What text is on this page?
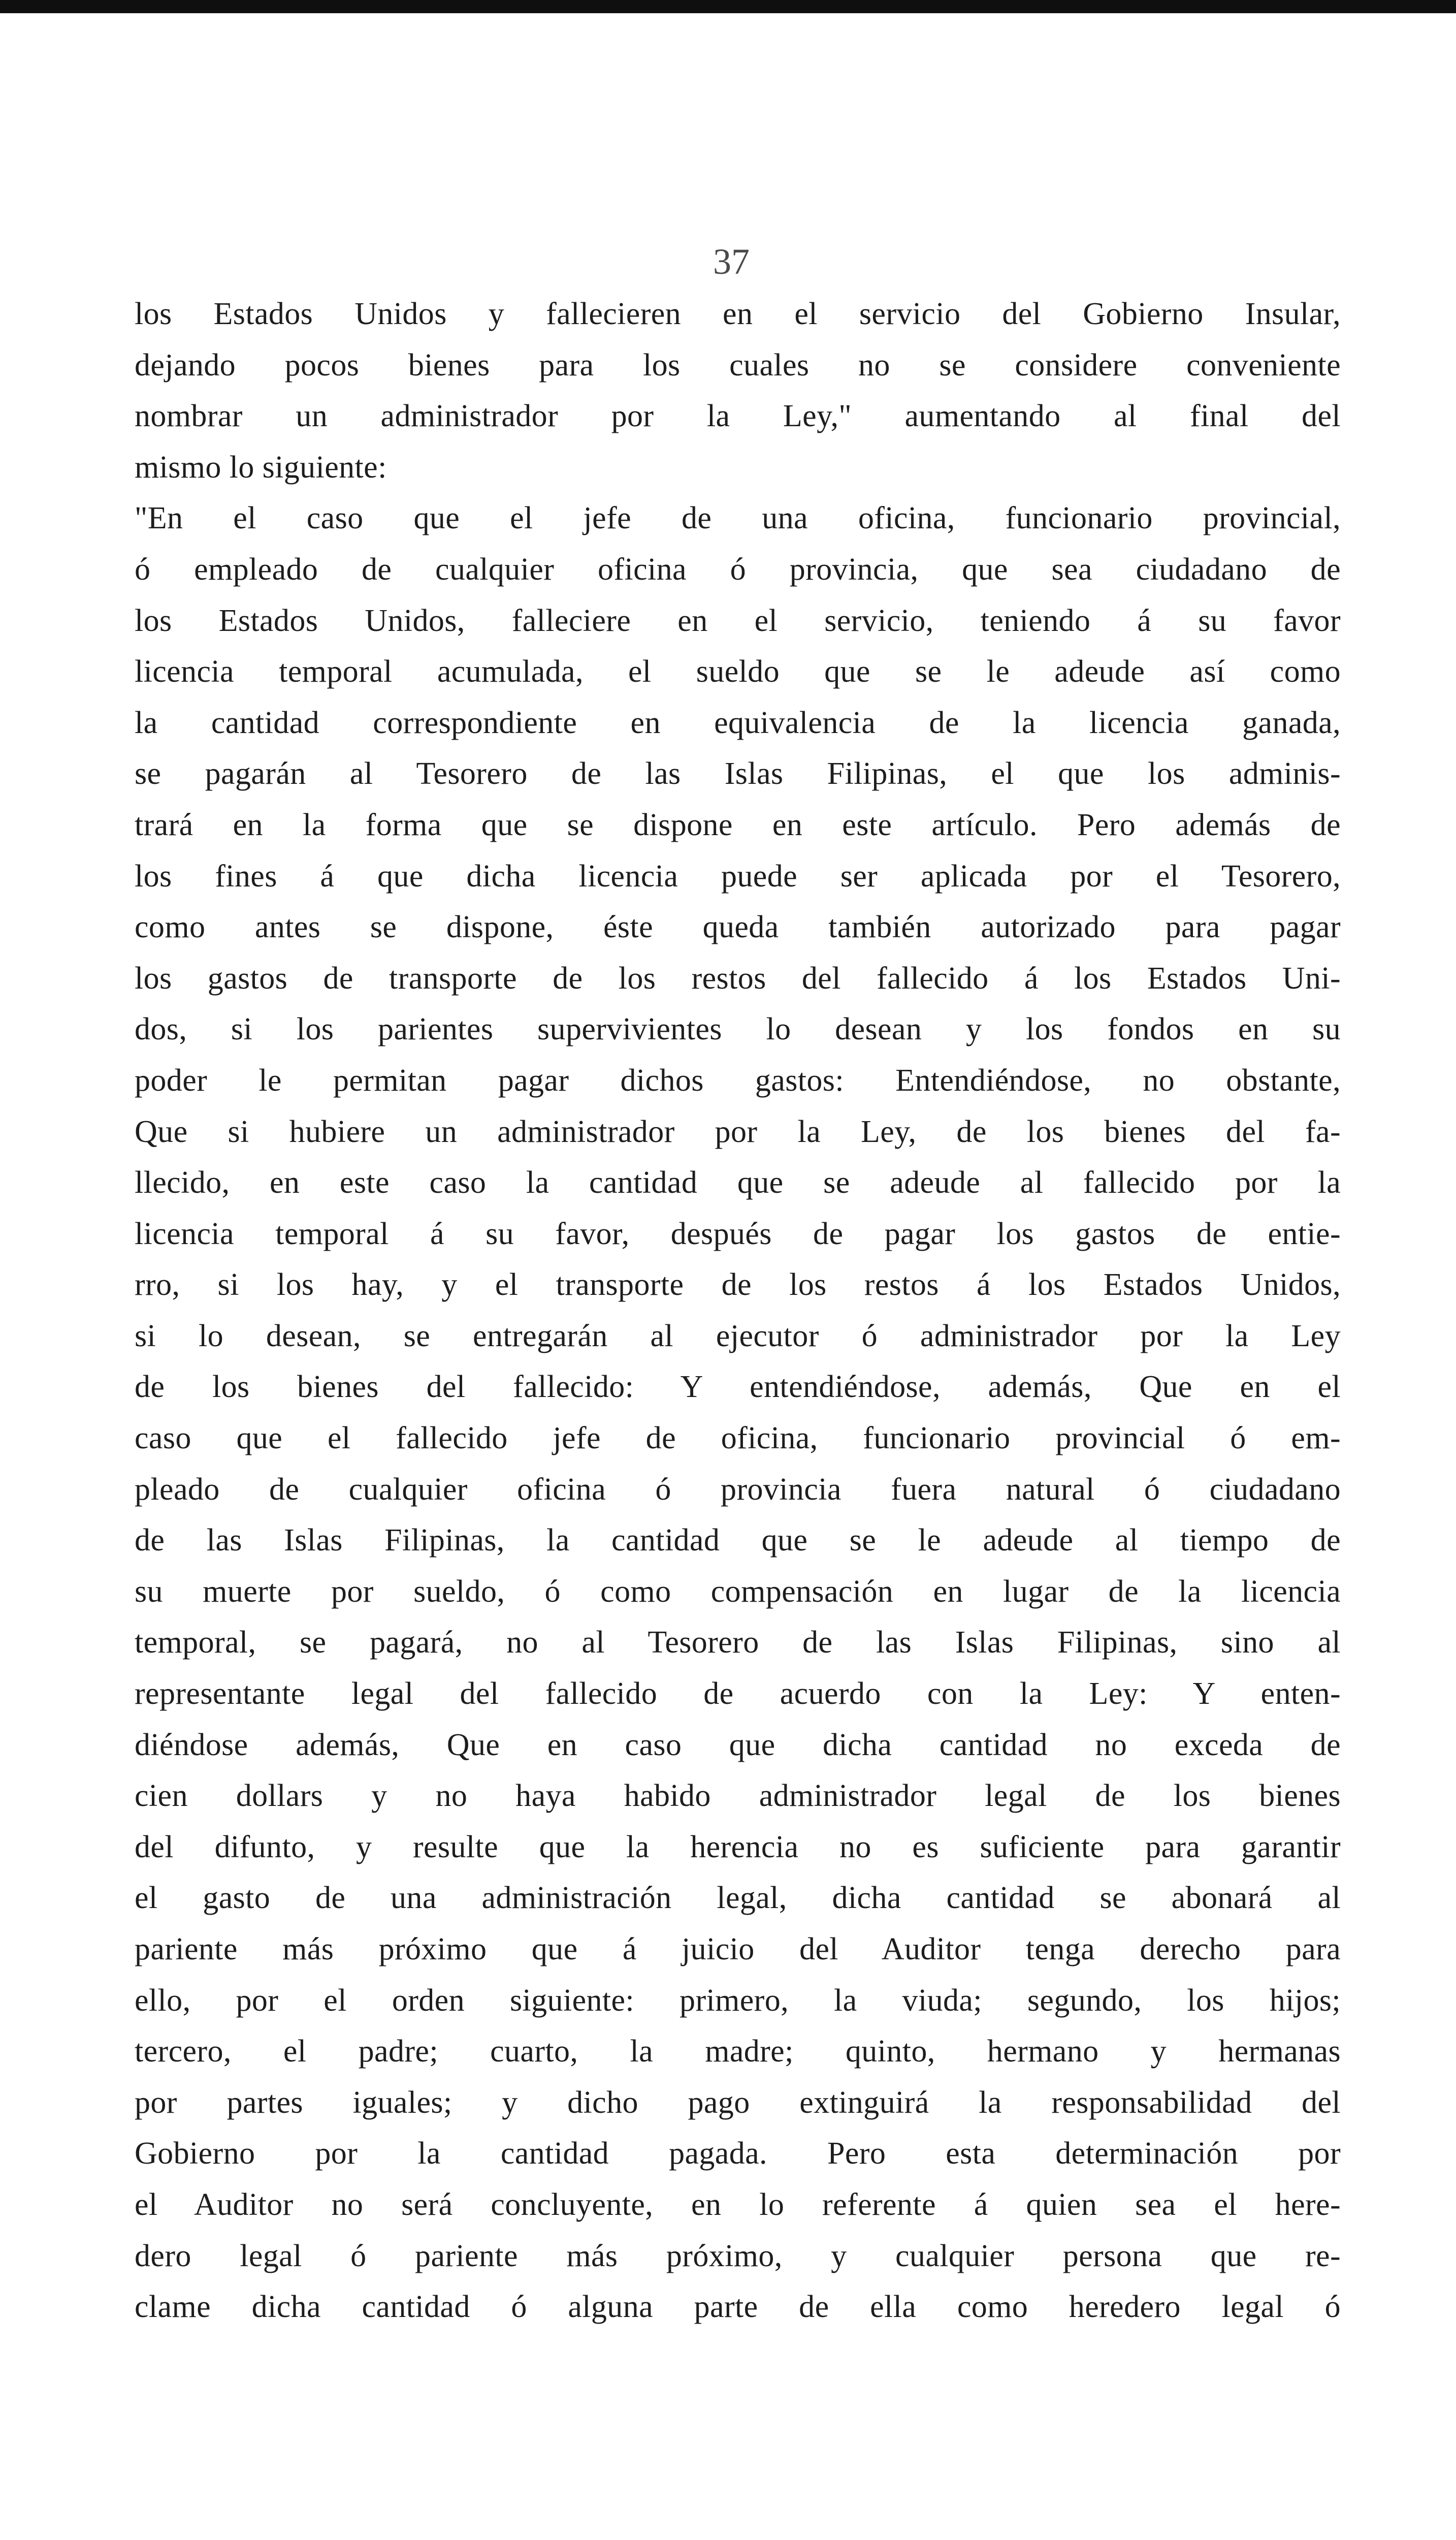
37
los Estados Unidos y fallecieren en el servicio del Gobierno Insular,
dejando pocos bienes para los cuales no se considere conveniente
nombrar un administrador por la Ley," aumentando al final del
mismo lo siguiente:
"En el caso que el jefe de una oficina, funcionario provincial,
ó empleado de cualquier oficina ó provincia, que sea ciudadano de
los Estados Unidos, falleciere en el servicio, teniendo á su favor
licencia temporal acumulada, el sueldo que se le adeude así como
la cantidad correspondiente en equivalencia de la licencia ganada,
se pagarán al Tesorero de las Islas Filipinas, el que los adminis-
trará en la forma que se dispone en este artículo. Pero además de
los fines á que dicha licencia puede ser aplicada por el Tesorero,
como antes se dispone, éste queda también autorizado para pagar
los gastos de transporte de los restos del fallecido á los Estados Uni-
dos, si los parientes supervivientes lo desean y los fondos en su
poder le permitan pagar dichos gastos: Entendiéndose, no obstante,
Que si hubiere un administrador por la Ley, de los bienes del fa-
llecido, en este caso la cantidad que se adeude al fallecido por la
licencia temporal á su favor, después de pagar los gastos de entie-
rro, si los hay, y el transporte de los restos á los Estados Unidos,
si lo desean, se entregarán al ejecutor ó administrador por la Ley
de los bienes del fallecido: Y entendiéndose, además, Que en el
caso que el fallecido jefe de oficina, funcionario provincial ó em-
pleado de cualquier oficina ó provincia fuera natural ó ciudadano
de las Islas Filipinas, la cantidad que se le adeude al tiempo de
su muerte por sueldo, ó como compensación en lugar de la licencia
temporal, se pagará, no al Tesorero de las Islas Filipinas, sino al
representante legal del fallecido de acuerdo con la Ley: Y enten-
diéndose además, Que en caso que dicha cantidad no exceda de
cien dollars y no haya habido administrador legal de los bienes
del difunto, y resulte que la herencia no es suficiente para garantir
el gasto de una administración legal, dicha cantidad se abonará al
pariente más próximo que á juicio del Auditor tenga derecho para
ello, por el orden siguiente: primero, la viuda; segundo, los hijos;
tercero, el padre; cuarto, la madre; quinto, hermano y hermanas
por partes iguales; y dicho pago extinguirá la responsabilidad del
Gobierno por la cantidad pagada. Pero esta determinación por
el Auditor no será concluyente, en lo referente á quien sea el here-
dero legal ó pariente más próximo, y cualquier persona que re-
clame dicha cantidad ó alguna parte de ella como heredero legal ó
